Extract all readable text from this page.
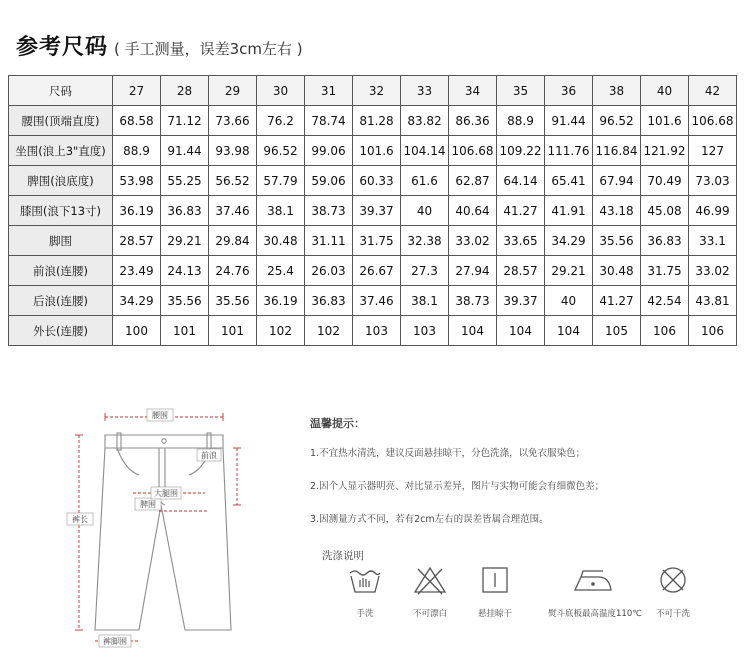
参考尺码 ( 手工测量，误差3cm左右 )
尺码	27	28	29	30	31	32	33	34	35	36	38	40	42
腰围(顶端直度)	68.58	71.12	73.66	76.2	78.74	81.28	83.82	86.36	88.9	91.44	96.52	101.6	106.68
坐围(浪上3"直度)	88.9	91.44	93.98	96.52	99.06	101.6	104.14	106.68	109.22	111.76	116.84	121.92	127
脾围(浪底度)	53.98	55.25	56.52	57.79	59.06	60.33	61.6	62.87	64.14	65.41	67.94	70.49	73.03
膝围(浪下13寸)	36.19	36.83	37.46	38.1	38.73	39.37	40	40.64	41.27	41.91	43.18	45.08	46.99
脚围	28.57	29.21	29.84	30.48	31.11	31.75	32.38	33.02	33.65	34.29	35.56	36.83	33.1
前浪(连腰)	23.49	24.13	24.76	25.4	26.03	26.67	27.3	27.94	28.57	29.21	30.48	31.75	33.02
后浪(连腰)	34.29	35.56	35.56	36.19	36.83	37.46	38.1	38.73	39.37	40	41.27	42.54	43.81
外长(连腰)	100	101	101	102	102	103	103	104	104	104	105	106	106
腰围
前浪
脾围
大腿围
裤长
裤脚围
温馨提示：
1.不宜热水清洗，建议反面悬挂晾干，分色洗涤，以免衣服染色；
2.因个人显示器明亮、对比显示差异，图片与实物可能会有细微色差；
3.因测量方式不同，若有2cm左右的误差皆属合理范围。
洗涤说明
手洗	不可漂白	悬挂晾干	熨斗底板最高温度110℃	不可干洗
